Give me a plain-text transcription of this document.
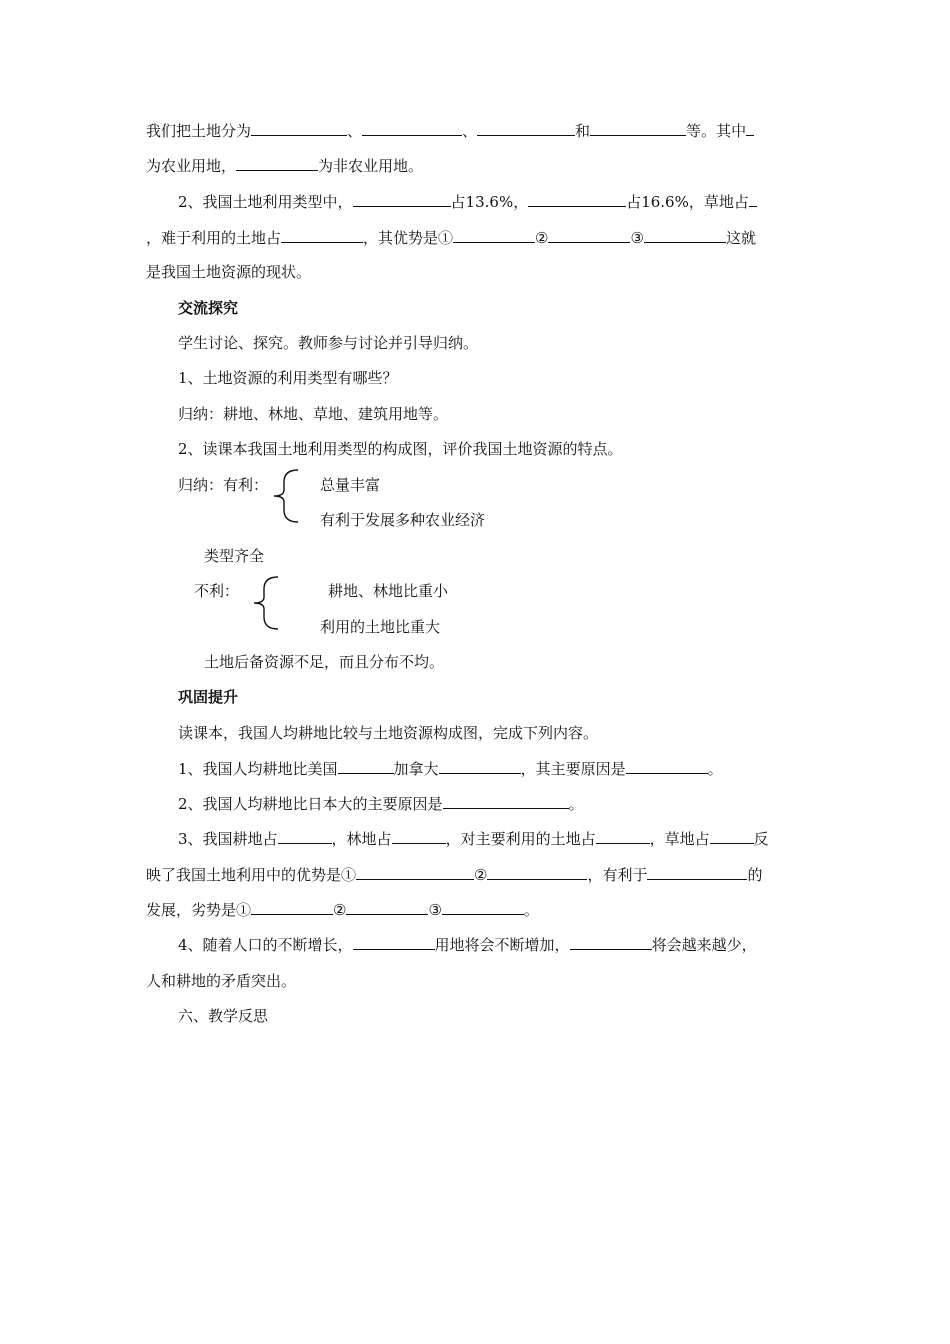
我们把土地分为	、	、	和	等。其中
为农业用地，	为非农业用地。
2、我国土地利用类型中，	占13.6%，	占16.6%，草地占
，难于利用的土地占	，其优势是①	②	③	这就
是我国土地资源的现状。
交流探究
学生讨论、探究。教师参与讨论并引导归纳。
1、土地资源的利用类型有哪些？
归纳：耕地、林地、草地、建筑用地等。
2、读课本我国土地利用类型的构成图，评价我国土地资源的特点。
归纳：有利：	总量丰富
有利于发展多种农业经济
类型齐全
不利：	耕地、林地比重小
利用的土地比重大
土地后备资源不足，而且分布不均。
巩固提升
读课本，我国人均耕地比较与土地资源构成图，完成下列内容。
1、我国人均耕地比美国	加拿大	，其主要原因是	。
2、我国人均耕地比日本大的主要原因是	。
3、我国耕地占	，林地占	，对主要利用的土地占	，草地占	反
映了我国土地利用中的优势是①	②	，有利于	的
发展，劣势是①	②	③	。
4、随着人口的不断增长，	用地将会不断增加，	将会越来越少，
人和耕地的矛盾突出。
六、教学反思
